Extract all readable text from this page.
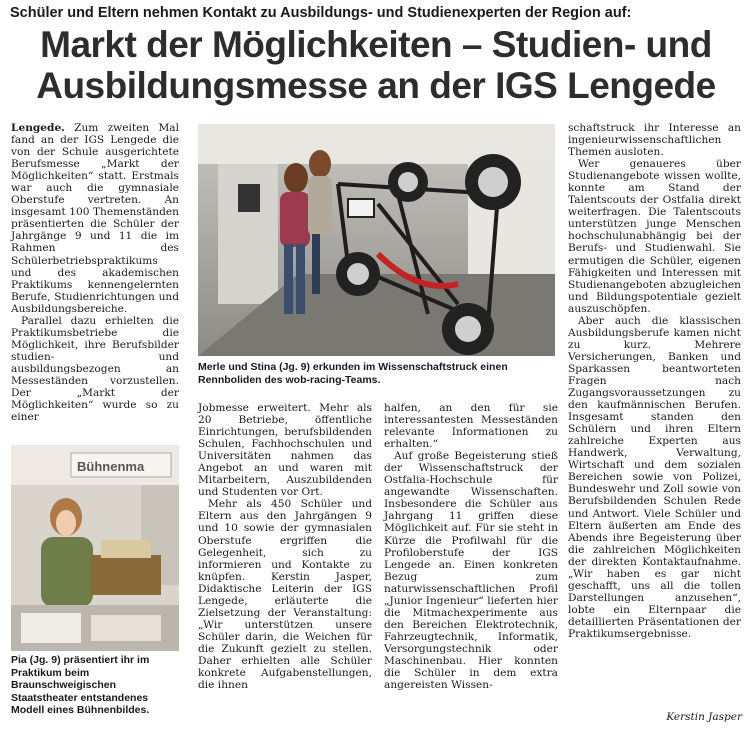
Schüler und Eltern nehmen Kontakt zu Ausbildungs- und Studienexperten der Region auf:
Markt der Möglichkeiten – Studien- und
Ausbildungsmesse an der IGS Lengede

Lengede. Zum zweiten Mal fand an der IGS Lengede die von der Schule ausgerichtete Berufsmesse „Markt der Möglichkeiten“ statt. Erstmals war auch die gymnasiale Oberstufe vertreten. An insgesamt 100 Themenständen präsentierten die Schüler der Jahrgänge 9 und 11 die im Rahmen des Schülerbetriebspraktikums und des akademischen Praktikums kennengelernten Berufe, Studienrichtungen und Ausbildungsbereiche.

Parallel dazu erhielten die Praktikumsbetriebe die Möglichkeit, ihre Berufsbilder studien- und ausbildungsbezogen an Messeständen vorzustellen. Der „Markt der Möglichkeiten“ wurde so zu einer

Merle und Stina (Jg. 9) erkunden im Wissenschaftstruck einen Rennboliden des wob-racing-Teams.

Jobmesse erweitert. Mehr als 20 Betriebe, öffentliche Einrichtungen, berufsbildenden Schulen, Fachhochschulen und Universitäten nahmen das Angebot an und waren mit Mitarbeitern, Auszubildenden und Studenten vor Ort.

Mehr als 450 Schüler und Eltern aus den Jahrgängen 9 und 10 sowie der gymnasialen Oberstufe ergriffen die Gelegenheit, sich zu informieren und Kontakte zu knüpfen. Kerstin Jasper, Didaktische Leiterin der IGS Lengede, erläuterte die Zielsetzung der Veranstaltung: „Wir unterstützen unsere Schüler darin, die Weichen für die Zukunft gezielt zu stellen. Daher erhielten alle Schüler konkrete Aufgabenstellungen, die ihnen

halfen, an den für sie interessantesten Messeständen relevante Informationen zu erhalten.“

Auf große Begeisterung stieß der Wissenschaftstruck der Ostfalia-Hochschule für angewandte Wissenschaften. Insbesondere die Schüler aus Jahrgang 11 griffen diese Möglichkeit auf. Für sie steht in Kürze die Profilwahl für die Profiloberstufe der IGS Lengede an. Einen konkreten Bezug zum naturwissenschaftlichen Profil „Junior Ingenieur“ lieferten hier die Mitmachexperimente aus den Bereichen Elektrotechnik, Fahrzeugtechnik, Informatik, Versorgungstechnik oder Maschinenbau. Hier konnten die Schüler in dem extra angereisten Wissen-

schaftstruck ihr Interesse an ingenieurwissenschaftlichen Themen ausloten.

Wer genaueres über Studienangebote wissen wollte, konnte am Stand der Talentscouts der Ostfalia direkt weiterfragen. Die Talentscouts unterstützen junge Menschen hochschulunabhängig bei der Berufs- und Studienwahl. Sie ermutigen die Schüler, eigenen Fähigkeiten und Interessen mit Studienangeboten abzugleichen und Bildungspotentiale gezielt auszuschöpfen.

Aber auch die klassischen Ausbildungsberufe kamen nicht zu kurz. Mehrere Versicherungen, Banken und Sparkassen beantworteten Fragen nach Zugangsvoraussetzungen zu den kaufmännischen Berufen. Insgesamt standen den Schülern und ihren Eltern zahlreiche Experten aus Handwerk, Verwaltung, Wirtschaft und dem sozialen Bereichen sowie von Polizei, Bundeswehr und Zoll sowie von Berufsbildenden Schulen Rede und Antwort. Viele Schüler und Eltern äußerten am Ende des Abends ihre Begeisterung über die zahlreichen Möglichkeiten der direkten Kontaktaufnahme. „Wir haben es gar nicht geschafft, uns all die tollen Darstellungen anzusehen“, lobte ein Elternpaar die detaillierten Präsentationen der Praktikumsergebnisse.

Bühnenma
Pia (Jg. 9) präsentiert ihr im Praktikum beim Braunschweigischen Staatstheater entstandenes Modell eines Bühnenbildes.
Kerstin Jasper
